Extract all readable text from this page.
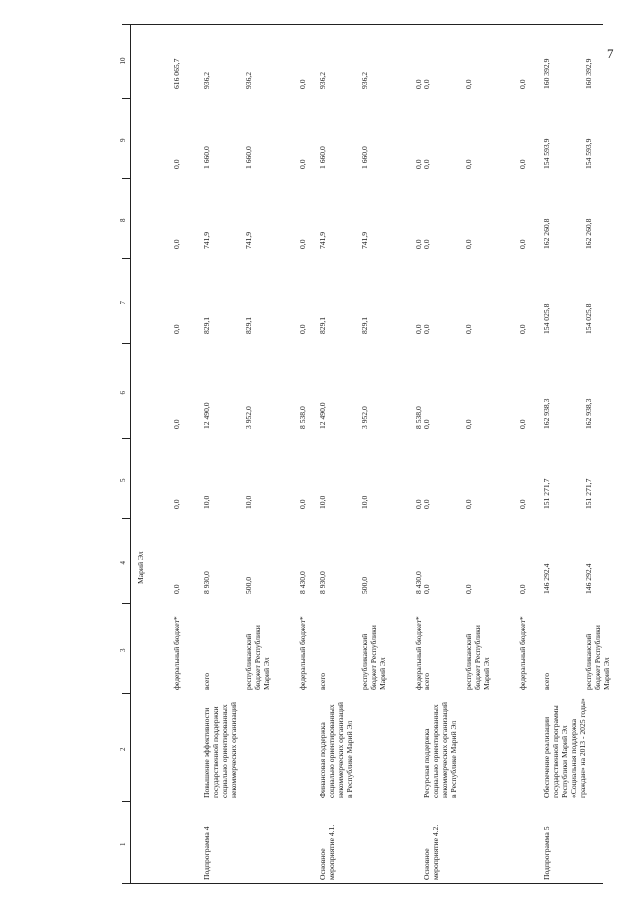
7
1
2
3
4
5
6
7
8
9
10
Марий Эл
федеральный бюджет*
0,0
0,0
0,0
0,0
0,0
0,0
616 065,7
Подпрограмма 4
Повышение эффективности государственной поддержки социально ориентированных некоммерческих организаций
всего
8 930,0
10,0
12 490,0
829,1
741,9
1 660,0
936,2
республиканский бюджет Республики Марий Эл
500,0
10,0
3 952,0
829,1
741,9
1 660,0
936,2
федеральный бюджет*
8 430,0
0,0
8 538,0
0,0
0,0
0,0
0,0
Основное мероприятие 4.1.
Финансовая поддержка социально ориентированных некоммерческих организаций в Республике Марий Эл
всего
8 930,0
10,0
12 490,0
829,1
741,9
1 660,0
936,2
республиканский бюджет Республики Марий Эл
500,0
10,0
3 952,0
829,1
741,9
1 660,0
936,2
федеральный бюджет*
8 430,0
0,0
8 538,0
0,0
0,0
0,0
0,0
Основное мероприятие 4.2.
Ресурсная поддержка социально ориентированных некоммерческих организаций в Республике Марий Эл
всего
0,0
0,0
0,0
0,0
0,0
0,0
0,0
республиканский бюджет Республики Марий Эл
0,0
0,0
0,0
0,0
0,0
0,0
0,0
федеральный бюджет*
0,0
0,0
0,0
0,0
0,0
0,0
0,0
Подпрограмма 5
Обеспечение реализации государственной программы Республики Марий Эл «Социальная поддержка граждан» на 2013 - 2025 годы»
всего
146 292,4
151 271,7
162 938,3
154 025,8
162 260,8
154 593,9
160 392,9
республиканский бюджет Республики Марий Эл
146 292,4
151 271,7
162 938,3
154 025,8
162 260,8
154 593,9
160 392,9
